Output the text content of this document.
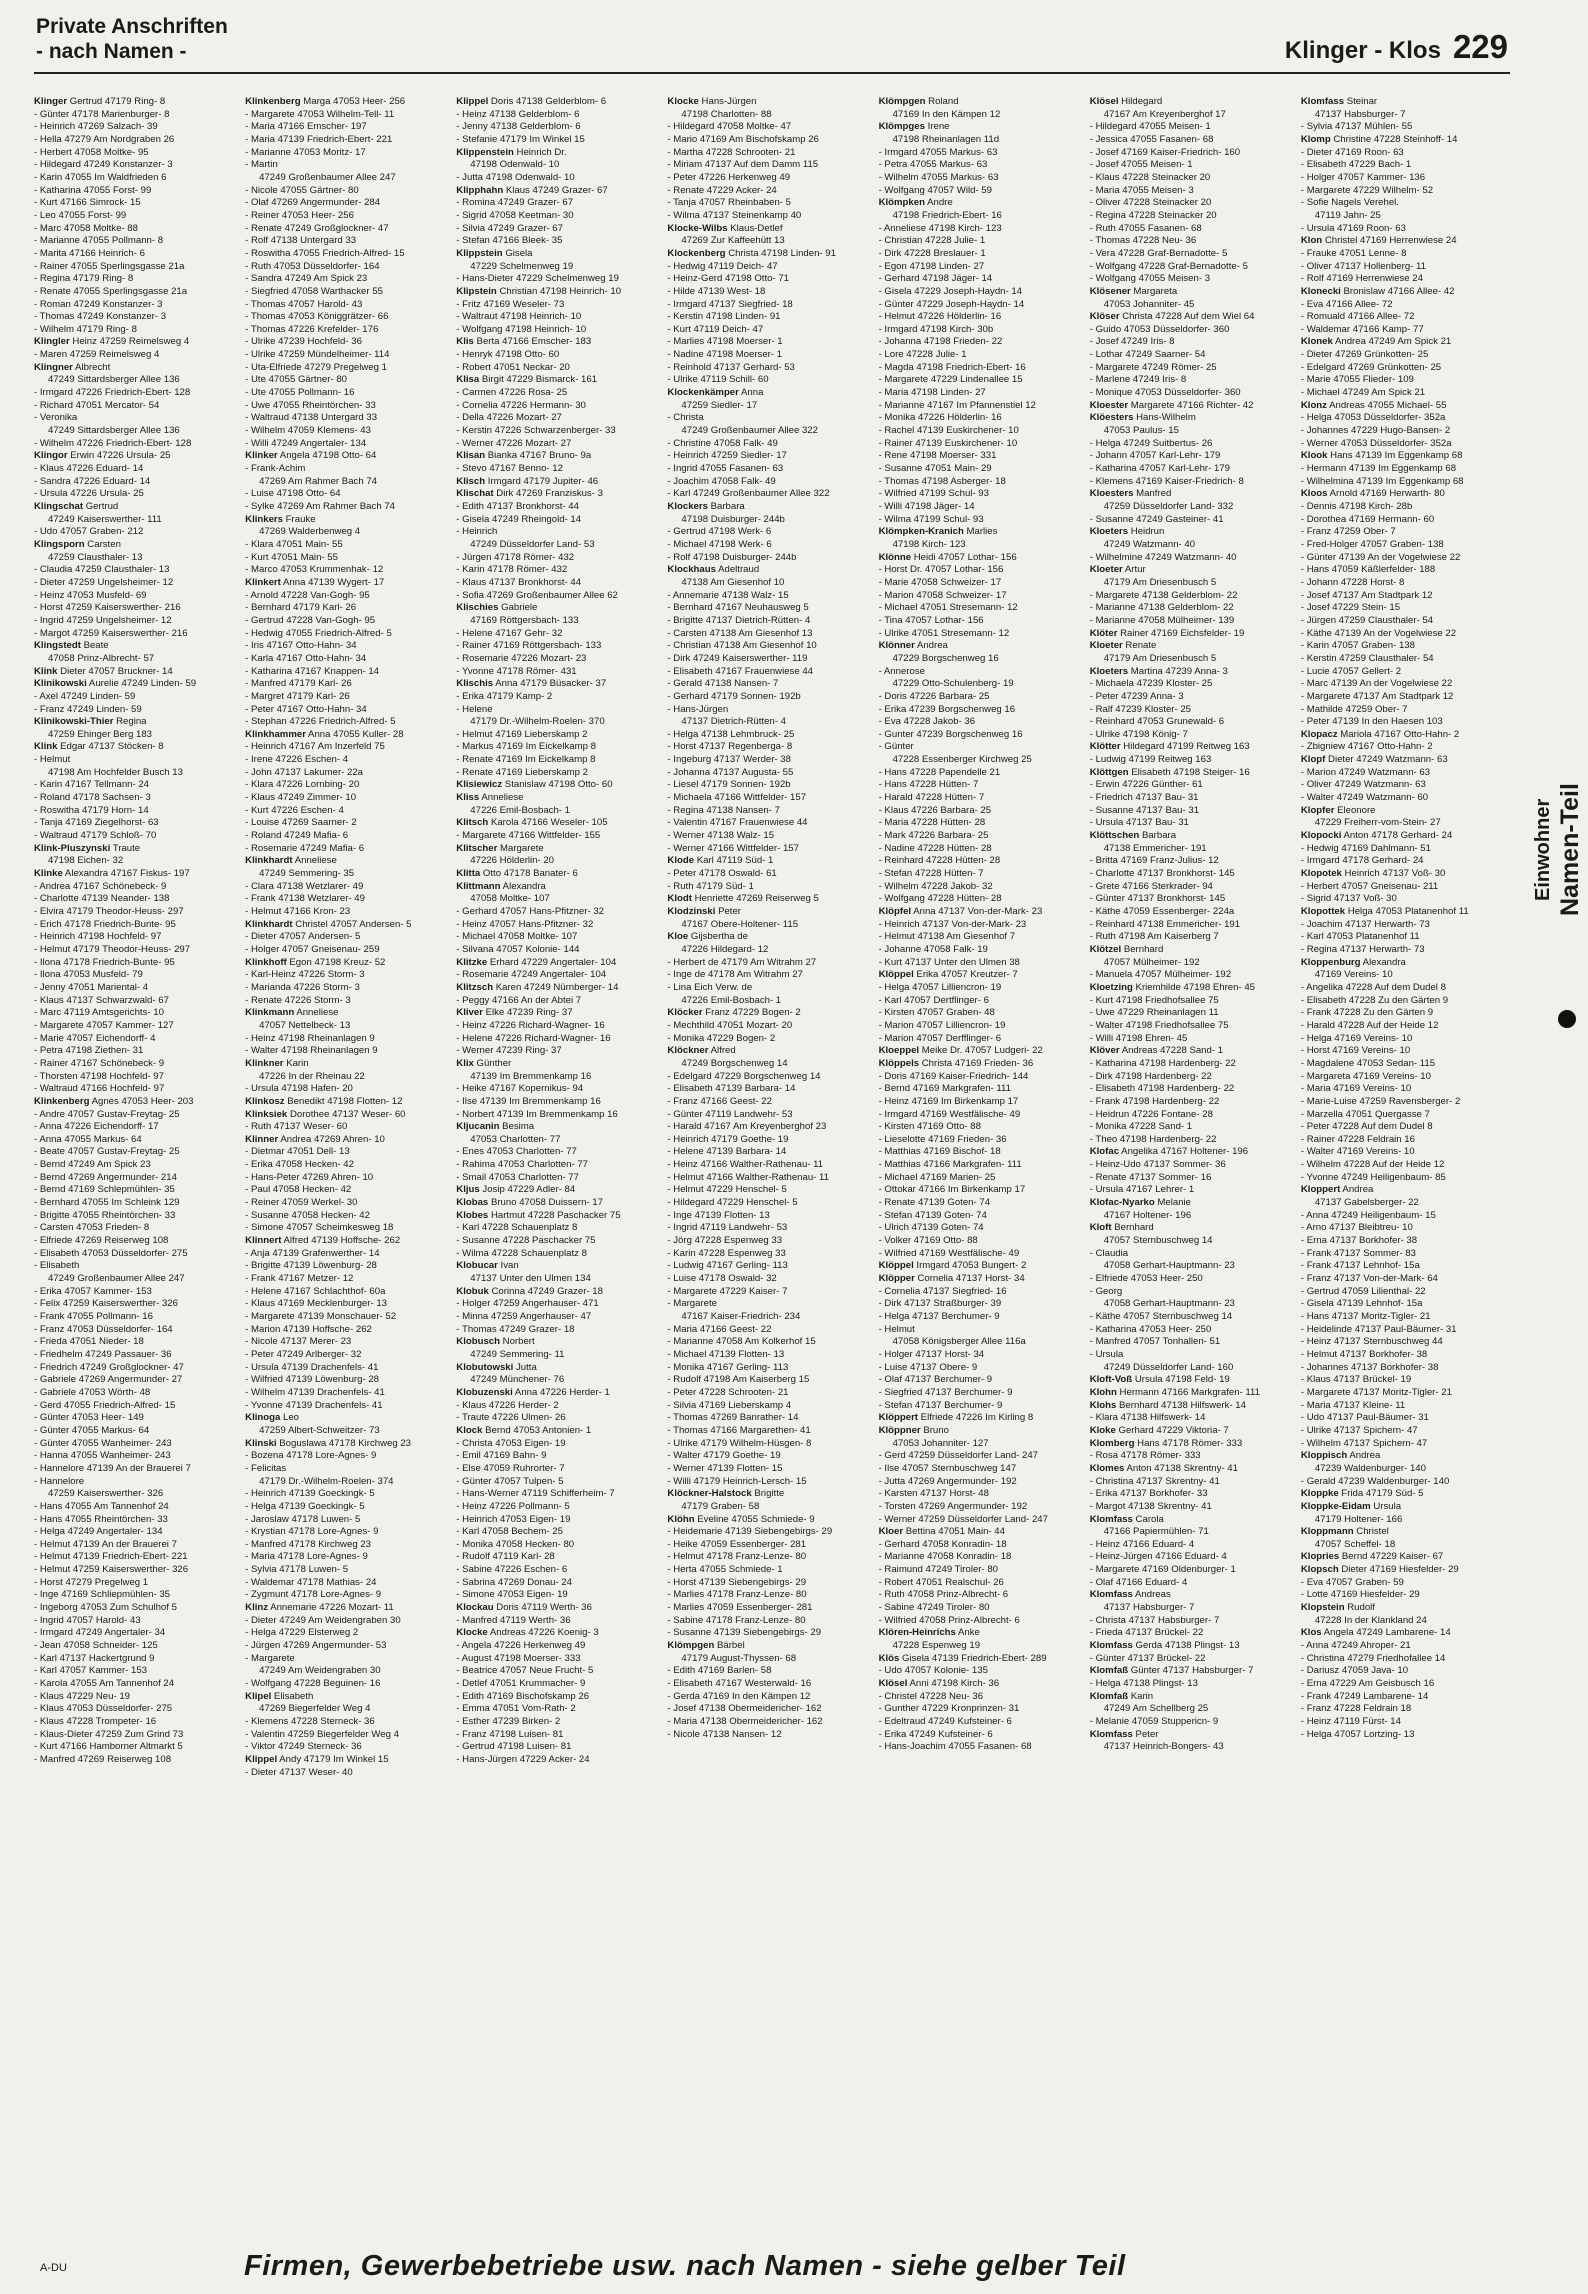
Private Anschriften
- nach Namen -	Klinger - Klos 229
Klinger Gertrud 47179 Ring- 8
- Günter 47178 Marienburger- 8
- Heinrich 47269 Salzach- 39
- Hella 47279 Am Nordgraben 26
- Herbert 47058 Moltke- 95
- Hildegard 47249 Konstanzer- 3
- Karin 47055 Im Waldfrieden 6
- Katharina 47055 Forst- 99
- Kurt 47166 Simrock- 15
- Leo 47055 Forst- 99
- Marc 47058 Moltke- 88
- Marianne 47055 Pollmann- 8
- Marita 47166 Heinrich- 6
- Rainer 47055 Sperlingsgasse 21a
- Regina 47179 Ring- 8
- Renate 47055 Sperlingsgasse 21a
- Roman 47249 Konstanzer- 3
- Thomas 47249 Konstanzer- 3
- Wilhelm 47179 Ring- 8
Klingler Heinz 47259 Reimelsweg 4
- Maren 47259 Reimelsweg 4
Klingner Albrecht
47249 Sittardsberger Allee 136
- Irmgard 47226 Friedrich-Ebert- 128
- Richard 47051 Mercator- 54
- Veronika
47249 Sittardsberger Allee 136
- Wilhelm 47226 Friedrich-Ebert- 128
Klingor Erwin 47226 Ursula- 25
- Klaus 47226 Eduard- 14
- Sandra 47226 Eduard- 14
- Ursula 47226 Ursula- 25
Klingschat Gertrud
47249 Kaiserswerther- 111
- Udo 47057 Graben- 212
Klingsporn Carsten
47259 Clausthaler- 13
- Claudia 47259 Clausthaler- 13
- Dieter 47259 Ungelsheimer- 12
- Heinz 47053 Musfeld- 69
- Horst 47259 Kaiserswerther- 216
- Ingrid 47259 Ungelsheimer- 12
- Margot 47259 Kaiserswerther- 216
Klingstedt Beate
47058 Prinz-Albrecht- 57
Klink Dieter 47057 Bruckner- 14
Klinikowski Aurelie 47249 Linden- 59
- Axel 47249 Linden- 59
- Franz 47249 Linden- 59
Klinikowski-Thier Regina
47259 Ehinger Berg 183
Klink Edgar 47137 Stöcken- 8
- Helmut
47198 Am Hochfelder Busch 13
- Karin 47167 Tellmann- 24
- Roland 47178 Sachsen- 3
- Roswitha 47179 Horn- 14
- Tanja 47169 Ziegelhorst- 63
- Waltraud 47179 Schloß- 70
Klink-Pluszynski Traute
47198 Eichen- 32
Klinke Alexandra 47167 Fiskus- 197
- Andrea 47167 Schönebeck- 9
- Charlotte 47139 Neander- 138
- Elvira 47179 Theodor-Heuss- 297
- Erich 47178 Friedrich-Bunte- 95
- Heinrich 47198 Hochfeld- 97
- Helmut 47179 Theodor-Heuss- 297
- Ilona 47178 Friedrich-Bunte- 95
- Ilona 47053 Musfeld- 79
- Jenny 47051 Mariental- 4
- Klaus 47137 Schwarzwald- 67
- Marc 47119 Amtsgerichts- 10
- Margarete 47057 Kammer- 127
- Marie 47057 Eichendorff- 4
- Petra 47198 Ziethen- 31
- Rainer 47167 Schönebeck- 9
- Thorsten 47198 Hochfeld- 97
- Waltraud 47166 Hochfeld- 97
Klinkenberg Agnes 47053 Heer- 203
- Andre 47057 Gustav-Freytag- 25
- Anna 47226 Eichendorff- 17
- Anna 47055 Markus- 64
- Beate 47057 Gustav-Freytag- 25
- Bernd 47249 Am Spick 23
- Bernd 47269 Angermunder- 214
- Bernd 47169 Schlepmühlen- 35
- Bernhard 47055 Im Schleink 129
- Brigitte 47055 Rheintörchen- 33
- Carsten 47053 Frieden- 8
- Elfriede 47269 Reiserweg 108
- Elisabeth 47053 Düsseldorfer- 275
- Elisabeth
47249 Großenbaumer Allee 247
- Erika 47057 Kammer- 153
- Felix 47259 Kaiserswerther- 326
- Frank 47055 Pollmann- 16
- Franz 47053 Düsseldorfer- 164
- Frieda 47051 Nieder- 18
- Friedhelm 47249 Passauer- 36
- Friedrich 47249 Großglockner- 47
- Gabriele 47269 Angermunder- 27
- Gabriele 47053 Wörth- 48
- Gerd 47055 Friedrich-Alfred- 15
- Günter 47053 Heer- 149
- Günter 47055 Markus- 64
- Günter 47055 Wanheimer- 243
- Hanna 47055 Wanheimer- 243
- Hannelore 47139 An der Brauerei 7
- Hannelore
47259 Kaiserswerther- 326
- Hans 47055 Am Tannenhof 24
- Hans 47055 Rheintörchen- 33
- Helga 47249 Angertaler- 134
- Helmut 47139 An der Brauerei 7
- Helmut 47139 Friedrich-Ebert- 221
- Helmut 47259 Kaiserswerther- 326
- Horst 47279 Pregelweg 1
- Inge 47169 Schliepmühlen- 35
- Ingeborg 47053 Zum Schulhof 5
- Ingrid 47057 Harold- 43
- Irmgard 47249 Angertaler- 34
- Jean 47058 Schneider- 125
- Karl 47137 Hackertgrund 9
- Karl 47057 Kammer- 153
- Karola 47055 Am Tannenhof 24
- Klaus 47229 Neu- 19
- Klaus 47053 Düsseldorfer- 275
- Klaus 47228 Trompeter- 16
- Klaus-Dieter 47259 Zum Grind 73
- Kurt 47166 Hamborner Altmarkt 5
- Manfred 47269 Reiserweg 108
Klinkenberg Marga 47053 Heer- 256
- Margarete 47053 Wilhelm-Tell- 11
- Maria 47166 Emscher- 197
- Maria 47139 Friedrich-Ebert- 221
- Marianne 47053 Moritz- 17
- Martin
47249 Großenbaumer Allee 247
- Nicole 47055 Gärtner- 80
- Olaf 47269 Angermunder- 284
- Reiner 47053 Heer- 256
- Renate 47249 Großglockner- 47
- Rolf 47138 Untergard 33
- Roswitha 47055 Friedrich-Alfred- 15
- Ruth 47053 Düsseldorfer- 164
- Sandra 47249 Am Spick 23
- Siegfried 47058 Warthacker 55
- Thomas 47057 Harold- 43
- Thomas 47053 Königgrätzer- 66
- Thomas 47226 Krefelder- 176
- Ulrike 47239 Hochfeld- 36
- Ulrike 47259 Mündelheimer- 114
- Uta-Elfriede 47279 Pregelweg 1
- Ute 47055 Gärtner- 80
- Ute 47055 Pollmann- 16
- Uwe 47055 Rheintörchen- 33
- Waltraud 47138 Untergard 33
- Wilhelm 47059 Klemens- 43
- Willi 47249 Angertaler- 134
Klinker Angela 47198 Otto- 64
- Frank-Achim
47269 Am Rahmer Bach 74
- Luise 47198 Otto- 64
- Sylke 47269 Am Rahmer Bach 74
Klinkers Frauke
47269 Walderbenweg 4
- Klara 47051 Main- 55
- Kurt 47051 Main- 55
- Marco 47053 Krummenhak- 12
Klinkert Anna 47139 Wygert- 17
- Arnold 47228 Van-Gogh- 95
- Bernhard 47179 Karl- 26
- Gertrud 47228 Van-Gogh- 95
- Hedwig 47055 Friedrich-Alfred- 5
- Iris 47167 Otto-Hahn- 34
- Karla 47167 Otto-Hahn- 34
- Katharina 47167 Knappen- 14
- Manfred 47179 Karl- 26
- Margret 47179 Karl- 26
- Peter 47167 Otto-Hahn- 34
- Stephan 47226 Friedrich-Alfred- 5
Klinkhammer Anna 47055 Kuller- 28
- Heinrich 47167 Am Inzerfeld 75
- Irene 47226 Eschen- 4
- John 47137 Lakumer- 22a
- Klara 47226 Lornbing- 20
- Klaus 47249 Zimmer- 10
- Kurt 47226 Eschen- 4
- Louise 47269 Saarner- 2
- Roland 47249 Mafia- 6
- Rosemarie 47249 Mafia- 6
Klinkhardt Anneliese
47249 Semmering- 35
- Clara 47138 Wetzlarer- 49
- Frank 47138 Wetzlarer- 49
- Helmut 47166 Kron- 23
Klinkhardt Christel 47057 Andersen- 5
- Dieter 47057 Andersen- 5
- Holger 47057 Gneisenau- 259
Klinkhoff Egon 47198 Kreuz- 52
- Karl-Heinz 47226 Storm- 3
- Marianda 47226 Storm- 3
- Renate 47226 Storm- 3
Klinkmann Anneliese
47057 Nettelbeck- 13
- Heinz 47198 Rheinanlagen 9
- Walter 47198 Rheinanlagen 9
Klinkner Karin
47226 In der Rheinau 22
- Ursula 47198 Hafen- 20
Klinkosz Benedikt 47198 Flotten- 12
Klinksiek Dorothee 47137 Weser- 60
- Ruth 47137 Weser- 60
Klinner Andrea 47269 Ahren- 10
- Dietmar 47051 Dell- 13
- Erika 47058 Hecken- 42
- Hans-Peter 47269 Ahren- 10
- Paul 47058 Hecken- 42
- Reiner 47059 Werkel- 30
- Susanne 47058 Hecken- 42
- Simone 47057 Scheimkesweg 18
Klinnert Alfred 47139 Hoffsche- 262
- Anja 47139 Grafenwerther- 14
- Brigitte 47139 Löwenburg- 28
- Frank 47167 Metzer- 12
- Helene 47167 Schlachthof- 60a
- Klaus 47169 Mecklenburger- 13
- Margarete 47139 Monschauer- 52
- Marion 47139 Hoffsche- 262
- Nicole 47137 Merer- 23
- Peter 47249 Arlberger- 32
- Ursula 47139 Drachenfels- 41
- Wilfried 47139 Löwenburg- 28
- Wilhelm 47139 Drachenfels- 41
- Yvonne 47139 Drachenfels- 41
Klinoga Leo
47259 Albert-Schweitzer- 73
Klinski Boguslawa 47178 Kirchweg 23
- Bozena 47178 Lore-Agnes- 9
- Felicitas
47179 Dr.-Wilhelm-Roelen- 374
- Heinrich 47139 Goeckingk- 5
- Helga 47139 Goeckingk- 5
- Jaroslaw 47178 Luwen- 5
- Krystian 47178 Lore-Agnes- 9
- Manfred 47178 Kirchweg 23
- Maria 47178 Lore-Agnes- 9
- Sylvia 47178 Luwen- 5
- Waldemar 47178 Mathias- 24
- Zygmunt 47178 Lore-Agnes- 9
Klinz Annemarie 47226 Mozart- 11
- Dieter 47249 Am Weidengraben 30
- Helga 47229 Elsterweg 2
- Jürgen 47269 Angermunder- 53
- Margarete
47249 Am Weidengraben 30
- Wolfgang 47228 Beguinen- 16
Klipel Elisabeth
47269 Biegerfelder Weg 4
- Klemens 47228 Sterneck- 36
- Valentin 47259 Biegerfelder Weg 4
- Viktor 47249 Sterneck- 36
Klippel Andy 47179 Im Winkel 15
- Dieter 47137 Weser- 40
Klippel Doris 47138 Gelderblom- 6
- Heinz 47138 Gelderblom- 6
- Jenny 47138 Gelderblom- 6
- Stefanie 47179 Im Winkel 15
Klippenstein Heinrich Dr.
47198 Odenwald- 10
- Jutta 47198 Odenwald- 10
Klipphahn Klaus 47249 Grazer- 67
- Romina 47249 Grazer- 67
- Sigrid 47058 Keetman- 30
- Silvia 47249 Grazer- 67
- Stefan 47166 Bleek- 35
Klippstein Gisela
47229 Schelmenweg 19
- Hans-Dieter 47229 Schelmenweg 19
Klipstein Christian 47198 Heinrich- 10
- Fritz 47169 Weseler- 73
- Waltraut 47198 Heinrich- 10
- Wolfgang 47198 Heinrich- 10
Klis Berta 47166 Emscher- 183
- Henryk 47198 Otto- 60
- Robert 47051 Neckar- 20
Klisa Birgit 47229 Bismarck- 161
- Carmen 47226 Rosa- 25
- Cornelia 47226 Hermann- 30
- Della 47226 Mozart- 27
- Kerstin 47226 Schwarzenberger- 33
- Werner 47226 Mozart- 27
Klisan Bianka 47167 Bruno- 9a
- Stevo 47167 Benno- 12
Klisch Irmgard 47179 Jupiter- 46
Klischat Dirk 47269 Franziskus- 3
- Edith 47137 Bronkhorst- 44
- Gisela 47249 Rheingold- 14
- Heinrich
47249 Düsseldorfer Land- 53
- Jürgen 47178 Römer- 432
- Karin 47178 Römer- 432
- Klaus 47137 Bronkhorst- 44
- Sofia 47269 Großenbaumer Allee 62
Klischies Gabriele
47169 Röttgersbach- 133
- Helene 47167 Gehr- 32
- Rainer 47169 Röttgersbach- 133
- Rosemarie 47226 Mozart- 23
- Yvonne 47178 Römer- 431
Klischis Anna 47179 Büsacker- 37
- Erika 47179 Kamp- 2
- Helene
47179 Dr.-Wilhelm-Roelen- 370
- Helmut 47169 Lieberskamp 2
- Markus 47169 Im Eickelkamp 8
- Renate 47169 Im Eickelkamp 8
- Renate 47169 Lieberskamp 2
Klisiewicz Stanislaw 47198 Otto- 60
Kliss Anneliese
47226 Emil-Bosbach- 1
Klitsch Karola 47166 Weseler- 105
- Margarete 47166 Wittfelder- 155
Klitscher Margarete
47226 Hölderlin- 20
Klitta Otto 47178 Banater- 6
Klittmann Alexandra
47058 Moltke- 107
- Gerhard 47057 Hans-Pfitzner- 32
- Heinz 47057 Hans-Pfitzner- 32
- Michael 47058 Moltke- 107
- Silvana 47057 Kolonie- 144
Klitzke Erhard 47229 Angertaler- 104
- Rosemarie 47249 Angertaler- 104
Klitzsch Karen 47249 Nürnberger- 14
- Peggy 47166 An der Abtei 7
Kliver Elke 47239 Ring- 37
- Heinz 47226 Richard-Wagner- 16
- Helene 47226 Richard-Wagner- 16
- Werner 47239 Ring- 37
Klix Günther
47139 Im Bremmenkamp 16
- Heike 47167 Kopernikus- 94
- Ilse 47139 Im Bremmenkamp 16
- Norbert 47139 Im Bremmenkamp 16
Kljucanin Besima
47053 Charlotten- 77
- Enes 47053 Charlotten- 77
- Rahima 47053 Charlotten- 77
- Smail 47053 Charlotten- 77
Kljus Josip 47229 Adler- 84
Klobas Bruno 47058 Duissern- 17
Klobes Hartmut 47228 Paschacker 75
- Karl 47228 Schauenplatz 8
- Susanne 47228 Paschacker 75
- Wilma 47228 Schauenplatz 8
Klobucar Ivan
47137 Unter den Ulmen 134
Klobuk Corinna 47249 Grazer- 18
- Holger 47259 Angerhauser- 471
- Minna 47259 Angerhauser- 47
- Thomas 47249 Grazer- 18
Klobusch Norbert
47249 Semmering- 11
Klobutowski Jutta
47249 Münchener- 76
Klobuzenski Anna 47226 Herder- 1
- Klaus 47226 Herder- 2
- Traute 47226 Ulmen- 26
Klock Bernd 47053 Antonien- 1
- Christa 47053 Eigen- 19
- Emil 47169 Bahn- 9
- Else 47059 Ruhrorter- 7
- Günter 47057 Tulpen- 5
- Hans-Werner 47119 Schifferheim- 7
- Heinz 47226 Pollmann- 5
- Heinrich 47053 Eigen- 19
- Karl 47058 Bechem- 25
- Monika 47058 Hecken- 80
- Rudolf 47119 Karl- 28
- Sabine 47226 Eschen- 6
- Sabrina 47269 Donau- 24
- Simone 47053 Eigen- 19
Klockau Doris 47119 Werth- 36
- Manfred 47119 Werth- 36
Klocke Andreas 47226 Koenig- 3
- Angela 47226 Herkenweg 49
- August 47198 Moerser- 333
- Beatrice 47057 Neue Frucht- 5
- Detlef 47051 Krummacher- 9
- Edith 47169 Bischofskamp 26
- Emma 47051 Vom-Rath- 2
- Esther 47239 Birken- 2
- Franz 47198 Luisen- 81
- Gertrud 47198 Luisen- 81
- Hans-Jürgen 47229 Acker- 24
Klocke Hans-Jürgen
47198 Charlotten- 88
- Hildegard 47058 Moltke- 47
- Mario 47169 Am Bischofskamp 26
- Martha 47228 Schrooten- 21
- Miriam 47137 Auf dem Damm 115
- Peter 47226 Herkenweg 49
- Renate 47229 Acker- 24
- Tanja 47057 Rheinbaben- 5
- Wilma 47137 Steinenkamp 40
Klocke-Wilbs Klaus-Detlef
47269 Zur Kaffeehütt 13
Klockenberg Christa 47198 Linden- 91
- Hedwig 47119 Deich- 47
- Heinz-Gerd 47198 Otto- 71
- Hilde 47139 West- 18
- Irmgard 47137 Siegfried- 18
- Kerstin 47198 Linden- 91
- Kurt 47119 Deich- 47
- Marlies 47198 Moerser- 1
- Nadine 47198 Moerser- 1
- Reinhold 47137 Gerhard- 53
- Ulrike 47119 Schill- 60
Klockenkämper Anna
47259 Siedler- 17
- Christa
47249 Großenbaumer Allee 322
- Christine 47058 Falk- 49
- Heinrich 47259 Siedler- 17
- Ingrid 47055 Fasanen- 63
- Joachim 47058 Falk- 49
- Karl 47249 Großenbaumer Allee 322
Klockers Barbara
47198 Duisburger- 244b
- Gertrud 47198 Werk- 6
- Michael 47198 Werk- 6
- Rolf 47198 Duisburger- 244b
Klockhaus Adeltraud
47138 Am Giesenhof 10
- Annemarie 47138 Walz- 15
- Bernhard 47167 Neuhausweg 5
- Brigitte 47137 Dietrich-Rütten- 4
- Carsten 47138 Am Giesenhof 13
- Christian 47138 Am Giesenhof 10
- Dirk 47249 Kaiserswerther- 119
- Elisabeth 47167 Frauenwiese 44
- Gerald 47138 Nansen- 7
- Gerhard 47179 Sonnen- 192b
- Hans-Jürgen
47137 Dietrich-Rütten- 4
- Helga 47138 Lehmbruck- 25
- Horst 47137 Regenberga- 8
- Ingeburg 47137 Werder- 38
- Johanna 47137 Augusta- 55
- Liesel 47179 Sonnen- 192b
- Michaela 47166 Wittfelder- 157
- Regina 47138 Nansen- 7
- Valentin 47167 Frauenwiese 44
- Werner 47138 Walz- 15
- Werner 47166 Wittfelder- 157
Klode Karl 47119 Süd- 1
- Peter 47178 Oswald- 61
- Ruth 47179 Süd- 1
Klodt Henriette 47269 Reiserweg 5
Klodzinski Peter
47167 Obere-Holtener- 115
Kloe Gijsbertha de
47226 Hildegard- 12
- Herbert de 47179 Am Witrahm 27
- Inge de 47178 Am Witrahm 27
- Lina Eich Verw. de
47226 Emil-Bosbach- 1
Klöcker Franz 47229 Bogen- 2
- Mechthild 47051 Mozart- 20
- Monika 47229 Bogen- 2
Klöckner Alfred
47249 Borgschenweg 14
- Edelgard 47229 Borgschenweg 14
- Elisabeth 47139 Barbara- 14
- Franz 47166 Geest- 22
- Günter 47119 Landwehr- 53
- Harald 47167 Am Kreyenberghof 23
- Heinrich 47179 Goethe- 19
- Helene 47139 Barbara- 14
- Heinz 47166 Walther-Rathenau- 11
- Helmut 47166 Walther-Rathenau- 11
- Helmut 47229 Henschel- 5
- Hildegard 47229 Henschel- 5
- Inge 47139 Flotten- 13
- Ingrid 47119 Landwehr- 53
- Jörg 47228 Espenweg 33
- Karin 47228 Espenweg 33
- Ludwig 47167 Gerling- 113
- Luise 47178 Oswald- 32
- Margarete 47229 Kaiser- 7
- Margarete
47167 Kaiser-Friedrich- 234
- Maria 47166 Geest- 22
- Marianne 47058 Am Kolkerhof 15
- Michael 47139 Flotten- 13
- Monika 47167 Gerling- 113
- Rudolf 47198 Am Kaiserberg 15
- Peter 47228 Schrooten- 21
- Silvia 47169 Lieberskamp 4
- Thomas 47269 Banrather- 14
- Thomas 47166 Margarethen- 41
- Ulrike 47179 Wilhelm-Hüsgen- 8
- Walter 47179 Goethe- 19
- Werner 47139 Flotten- 15
- Willi 47179 Heinrich-Lersch- 15
Klöckner-Halstock Brigitte
47179 Graben- 58
Klöhn Eveline 47055 Schmiede- 9
- Heidemarie 47139 Siebengebirgs- 29
- Heike 47059 Essenberger- 281
- Helmut 47178 Franz-Lenze- 80
- Herta 47055 Schmiede- 1
- Horst 47139 Siebengebirgs- 29
- Marlies 47178 Franz-Lenze- 80
- Marlies 47059 Essenberger- 281
- Sabine 47178 Franz-Lenze- 80
- Susanne 47139 Siebengebirgs- 29
Klömpgen Bärbel
47179 August-Thyssen- 68
- Edith 47169 Barlen- 58
- Elisabeth 47167 Westerwald- 16
- Gerda 47169 In den Kämpen 12
- Josef 47138 Obermeidericher- 162
- Maria 47138 Obermeidericher- 162
- Nicole 47138 Nansen- 12
Klömpgen Roland
47169 In den Kämpen 12
Klömpges Irene
47198 Rheinanlagen 11d
- Irmgard 47055 Markus- 63
- Petra 47055 Markus- 63
- Wilhelm 47055 Markus- 63
- Wolfgang 47057 Wild- 59
Klömpken Andre
47198 Friedrich-Ebert- 16
- Anneliese 47198 Kirch- 123
- Christian 47228 Julie- 1
- Dirk 47228 Breslauer- 1
- Egon 47198 Linden- 27
- Gerhard 47198 Jäger- 14
- Gisela 47229 Joseph-Haydn- 14
- Günter 47229 Joseph-Haydn- 14
- Helmut 47226 Hölderlin- 16
- Irmgard 47198 Kirch- 30b
- Johanna 47198 Frieden- 22
- Lore 47228 Julie- 1
- Magda 47198 Friedrich-Ebert- 16
- Margarete 47229 Lindenallee 15
- Maria 47198 Linden- 27
- Marianne 47167 Im Pfannenstiel 12
- Monika 47226 Hölderlin- 16
- Rachel 47139 Euskirchener- 10
- Rainer 47139 Euskirchener- 10
- Rene 47198 Moerser- 331
- Susanne 47051 Main- 29
- Thomas 47198 Asberger- 18
- Wilfried 47199 Schul- 93
- Willi 47198 Jäger- 14
- Wilma 47199 Schul- 93
Klömpken-Kranich Marlies
47198 Kirch- 123
Klönne Heidi 47057 Lothar- 156
- Horst Dr. 47057 Lothar- 156
- Marie 47058 Schweizer- 17
- Marion 47058 Schweizer- 17
- Michael 47051 Stresemann- 12
- Tina 47057 Lothar- 156
- Ulrike 47051 Stresemann- 12
Klönner Andrea
47229 Borgschenweg 16
- Annerose
47229 Otto-Schulenberg- 19
- Doris 47226 Barbara- 25
- Erika 47239 Borgschenweg 16
- Eva 47228 Jakob- 36
- Gunter 47239 Borgschenweg 16
- Günter
47228 Essenberger Kirchweg 25
- Hans 47228 Papendelle 21
- Hans 47228 Hütten- 7
- Harald 47228 Hütten- 7
- Klaus 47226 Barbara- 25
- Maria 47228 Hütten- 28
- Mark 47226 Barbara- 25
- Nadine 47228 Hütten- 28
- Reinhard 47228 Hütten- 28
- Stefan 47228 Hütten- 7
- Wilhelm 47228 Jakob- 32
- Wolfgang 47228 Hütten- 28
Klöpfel Anna 47137 Von-der-Mark- 23
- Heinrich 47137 Von-der-Mark- 23
- Helmut 47138 Am Giesenhof 7
- Johanne 47058 Falk- 19
- Kurt 47137 Unter den Ulmen 38
Klöppel Erika 47057 Kreutzer- 7
- Helga 47057 Lilliencron- 19
- Karl 47057 Dertflinger- 6
- Kirsten 47057 Graben- 48
- Marion 47057 Lilliencron- 19
- Marion 47057 Derfflinger- 6
Kloeppel Meike Dr. 47057 Ludgeri- 22
Klöppels Christa 47169 Frieden- 36
- Doris 47169 Kaiser-Friedrich- 144
- Bernd 47169 Markgrafen- 111
- Heinz 47169 Im Birkenkamp 17
- Irmgard 47169 Westfälische- 49
- Kirsten 47169 Otto- 88
- Lieselotte 47169 Frieden- 36
- Matthias 47169 Bischof- 18
- Matthias 47166 Markgrafen- 111
- Michael 47169 Marien- 25
- Ottokar 47166 Im Birkenkamp 17
- Renate 47139 Goten- 74
- Stefan 47139 Goten- 74
- Ulrich 47139 Goten- 74
- Volker 47169 Otto- 88
- Wilfried 47169 Westfälische- 49
Klöppel Irmgard 47053 Bungert- 2
Klöpper Cornelia 47137 Horst- 34
- Cornelia 47137 Siegfried- 16
- Dirk 47137 Straßburger- 39
- Helga 47137 Berchumer- 9
- Helmut
47058 Königsberger Allee 116a
- Holger 47137 Horst- 34
- Luise 47137 Obere- 9
- Olaf 47137 Berchumer- 9
- Siegfried 47137 Berchumer- 9
- Stefan 47137 Berchumer- 9
Klöppert Elfriede 47226 Im Kirling 8
Klöppner Bruno
47053 Johanniter- 127
- Gerd 47259 Düsseldorfer Land- 247
- Ilse 47057 Sternbuschweg 147
- Jutta 47269 Angermunder- 192
- Karsten 47137 Horst- 48
- Torsten 47269 Angermunder- 192
- Werner 47259 Düsseldorfer Land- 247
Kloer Bettina 47051 Main- 44
- Gerhard 47058 Konradin- 18
- Marianne 47058 Konradin- 18
- Raimund 47249 Tiroler- 80
- Robert 47051 Realschul- 26
- Ruth 47058 Prinz-Albrecht- 6
- Sabine 47249 Tiroler- 80
- Wilfried 47058 Prinz-Albrecht- 6
Klören-Heinrichs Anke
47228 Espenweg 19
Klös Gisela 47139 Friedrich-Ebert- 289
- Udo 47057 Kolonie- 135
Klösel Anni 47198 Kirch- 36
- Christel 47228 Neu- 36
- Gunther 47229 Kronprinzen- 31
- Edeltraud 47249 Kufsteiner- 6
- Erika 47249 Kufsteiner- 6
- Hans-Joachim 47055 Fasanen- 68
Klösel Hildegard
47167 Am Kreyenberghof 17
- Hildegard 47055 Meisen- 1
- Jessica 47055 Fasanen- 68
- Josef 47169 Kaiser-Friedrich- 160
- Josef 47055 Meisen- 1
- Klaus 47228 Steinacker 20
- Maria 47055 Meisen- 3
- Oliver 47228 Steinacker 20
- Regina 47228 Steinacker 20
- Ruth 47055 Fasanen- 68
- Thomas 47228 Neu- 36
- Vera 47228 Graf-Bernadotte- 5
- Wolfgang 47228 Graf-Bernadotte- 5
- Wolfgang 47055 Meisen- 3
Klösener Margareta
47053 Johanniter- 45
Klöser Christa 47228 Auf dem Wiel 64
- Guido 47053 Düsseldorfer- 360
- Josef 47249 Iris- 8
- Lothar 47249 Saarner- 54
- Margarete 47249 Römer- 25
- Marlene 47249 Iris- 8
- Monique 47053 Düsseldorfer- 360
Kloester Margarete 47166 Richter- 42
Klöesters Hans-Wilhelm
47053 Paulus- 15
- Helga 47249 Suitbertus- 26
- Johann 47057 Karl-Lehr- 179
- Katharina 47057 Karl-Lehr- 179
- Klemens 47169 Kaiser-Friedrich- 8
Kloesters Manfred
47259 Düsseldorfer Land- 332
- Susanne 47249 Gasteiner- 41
Kloeters Heidrun
47249 Watzmann- 40
- Wilhelmine 47249 Watzmann- 40
Kloeter Artur
47179 Am Driesenbusch 5
- Margarete 47138 Gelderblom- 22
- Marianne 47138 Gelderblom- 22
- Marianne 47058 Mülheimer- 139
Klöter Rainer 47169 Eichsfelder- 19
Kloeter Renate
47179 Am Driesenbusch 5
Kloeters Martina 47239 Anna- 3
- Michaela 47239 Kloster- 25
- Peter 47239 Anna- 3
- Ralf 47239 Kloster- 25
- Reinhard 47053 Grunewald- 6
- Ulrike 47198 König- 7
Klötter Hildegard 47199 Reitweg 163
- Ludwig 47199 Reitweg 163
Klöttgen Elisabeth 47198 Steiger- 16
- Erwin 47226 Günther- 61
- Friedrich 47137 Bau- 31
- Susanne 47137 Bau- 31
- Ursula 47137 Bau- 31
Klöttschen Barbara
47138 Emmericher- 191
- Britta 47169 Franz-Julius- 12
- Charlotte 47137 Bronkhorst- 145
- Grete 47166 Sterkrader- 94
- Günter 47137 Bronkhorst- 145
- Käthe 47059 Essenberger- 224a
- Reinhard 47138 Emmericher- 191
- Ruth 47198 Am Kaiserberg 7
Klötzel Bernhard
47057 Mülheimer- 192
- Manuela 47057 Mülheimer- 192
Kloetzing Kriemhilde 47198 Ehren- 45
- Kurt 47198 Friedhofsallee 75
- Uwe 47229 Rheinanlagen 11
- Walter 47198 Friedhofsallee 75
- Willi 47198 Ehren- 45
Klöver Andreas 47228 Sand- 1
- Katharina 47198 Hardenberg- 22
- Dirk 47198 Hardenberg- 22
- Elisabeth 47198 Hardenberg- 22
- Frank 47198 Hardenberg- 22
- Heidrun 47226 Fontane- 28
- Monika 47228 Sand- 1
- Theo 47198 Hardenberg- 22
Klofac Angelika 47167 Holtener- 196
- Heinz-Udo 47137 Sommer- 36
- Renate 47137 Sommer- 16
- Ursula 47167 Lehrer- 1
Klofac-Nyarko Melanie
47167 Holtener- 196
Kloft Bernhard
47057 Sternbuschweg 14
- Claudia
47058 Gerhart-Hauptmann- 23
- Elfriede 47053 Heer- 250
- Georg
47058 Gerhart-Hauptmann- 23
- Käthe 47057 Sternbuschweg 14
- Katharina 47053 Heer- 250
- Manfred 47057 Tonhallen- 51
- Ursula
47249 Düsseldorfer Land- 160
Kloft-Voß Ursula 47198 Feld- 19
Klohn Hermann 47166 Markgrafen- 111
Klohs Bernhard 47138 Hilfswerk- 14
- Klara 47138 Hilfswerk- 14
Kloke Gerhard 47229 Viktoria- 7
Klomberg Hans 47178 Römer- 333
- Rosa 47178 Römer- 333
Klomes Anton 47138 Skrentny- 41
- Christina 47137 Skrentny- 41
- Erika 47137 Borkhofer- 33
- Margot 47138 Skrentny- 41
Klomfass Carola
47166 Papiermühlen- 71
- Heinz 47166 Eduard- 4
- Heinz-Jürgen 47166 Eduard- 4
- Margarete 47169 Oldenburger- 1
- Olaf 47166 Eduard- 4
Klomfass Andreas
47137 Habsburger- 7
- Christa 47137 Habsburger- 7
- Frieda 47137 Brückel- 22
Klomfass Gerda 47138 Plingst- 13
- Günter 47137 Brückel- 22
Klomfaß Günter 47137 Habsburger- 7
- Helga 47138 Plingst- 13
Klomfaß Karin
47249 Am Schellberg 25
- Melanie 47059 Stuppericn- 9
Klomfass Peter
47137 Heinrich-Bongers- 43
Klomfass Steinar
47137 Habsburger- 7
- Sylvia 47137 Mühlen- 55
Klomp Christine 47228 Steinhoff- 14
- Dieter 47169 Roon- 63
- Elisabeth 47229 Bach- 1
- Holger 47057 Kammer- 136
- Margarete 47229 Wilhelm- 52
- Sofie Nagels Verehel.
47119 Jahn- 25
- Ursula 47169 Roon- 63
Klon Christel 47169 Herrenwiese 24
- Frauke 47051 Lenne- 8
- Oliver 47137 Hollenberg- 11
- Rolf 47169 Herrenwiese 24
Klonecki Bronislaw 47166 Allee- 42
- Eva 47166 Allee- 72
- Romuald 47166 Allee- 72
- Waldemar 47166 Kamp- 77
Klonek Andrea 47249 Am Spick 21
- Dieter 47269 Grünkotten- 25
- Edelgard 47269 Grünkotten- 25
- Marie 47055 Flieder- 109
- Michael 47249 Am Spick 21
Klonz Andreas 47055 Michael- 55
- Helga 47053 Düsseldorfer- 352a
- Johannes 47229 Hugo-Bansen- 2
- Werner 47053 Düsseldorfer- 352a
Klook Hans 47139 Im Eggenkamp 68
- Hermann 47139 Im Eggenkamp 68
- Wilhelmina 47139 Im Eggenkamp 68
Kloos Arnold 47169 Herwarth- 80
- Dennis 47198 Kirch- 28b
- Dorothea 47169 Hermann- 60
- Franz 47259 Ober- 7
- Fred-Holger 47057 Graben- 138
- Günter 47139 An der Vogelwiese 22
- Hans 47059 Käßlerfelder- 188
- Johann 47228 Horst- 8
- Josef 47137 Am Stadtpark 12
- Josef 47229 Stein- 15
- Jürgen 47259 Clausthaler- 54
- Käthe 47139 An der Vogelwiese 22
- Karin 47057 Graben- 138
- Kerstin 47259 Clausthaler- 54
- Lucie 47057 Gellert- 2
- Marc 47139 An der Vogelwiese 22
- Margarete 47137 Am Stadtpark 12
- Mathilde 47259 Ober- 7
- Peter 47139 In den Haesen 103
Klopacz Mariola 47167 Otto-Hahn- 2
- Zbigniew 47167 Otto-Hahn- 2
Klopf Dieter 47249 Watzmann- 63
- Marion 47249 Watzmann- 63
- Oliver 47249 Watzmann- 63
- Walter 47249 Watzmann- 60
Klopfer Eleonore
47229 Freiherr-vom-Stein- 27
Klopocki Anton 47178 Gerhard- 24
- Hedwig 47169 Dahlmann- 51
- Irmgard 47178 Gerhard- 24
Klopotek Heinrich 47137 Voß- 30
- Herbert 47057 Gneisenau- 211
- Sigrid 47137 Voß- 30
Klopottek Helga 47053 Platanenhof 11
- Joachim 47137 Herwarth- 73
- Karl 47053 Platanenhof 11
- Regina 47137 Herwarth- 73
Kloppenburg Alexandra
47169 Vereins- 10
- Angelika 47228 Auf dem Dudel 8
- Elisabeth 47228 Zu den Gärten 9
- Frank 47228 Zu den Gärten 9
- Harald 47228 Auf der Heide 12
- Helga 47169 Vereins- 10
- Horst 47169 Vereins- 10
- Magdalene 47053 Sedan- 115
- Margareta 47169 Vereins- 10
- Maria 47169 Vereins- 10
- Marie-Luise 47259 Ravensberger- 2
- Marzella 47051 Quergasse 7
- Peter 47228 Auf dem Dudel 8
- Rainer 47228 Feldrain 16
- Walter 47169 Vereins- 10
- Wilhelm 47228 Auf der Heide 12
- Yvonne 47249 Heiligenbaum- 85
Kloppert Andrea
47137 Gabelsberger- 22
- Anna 47249 Heiligenbaum- 15
- Arno 47137 Bleibtreu- 10
- Erna 47137 Borkhofer- 38
- Frank 47137 Sommer- 83
- Frank 47137 Lehnhof- 15a
- Franz 47137 Von-der-Mark- 64
- Gertrud 47059 Lilienthal- 22
- Gisela 47139 Lehnhof- 15a
- Hans 47137 Moritz-Tigler- 21
- Heidelinde 47137 Paul-Bäumer- 31
- Heinz 47137 Sternbuschweg 44
- Helmut 47137 Borkhofer- 38
- Johannes 47137 Borkhofer- 38
- Klaus 47137 Brückel- 19
- Margarete 47137 Moritz-Tigler- 21
- Maria 47137 Kleine- 11
- Udo 47137 Paul-Bäumer- 31
- Ulrike 47137 Spichern- 47
- Wilhelm 47137 Spichern- 47
Kloppisch Andrea
47239 Waldenburger- 140
- Gerald 47239 Waldenburger- 140
Kloppke Frida 47179 Süd- 5
Kloppke-Eidam Ursula
47179 Holtener- 166
Kloppmann Christel
47057 Scheffel- 18
Klopries Bernd 47229 Kaiser- 67
Klopsch Dieter 47169 Hiesfelder- 29
- Eva 47057 Graben- 59
- Lotte 47169 Hiesfelder- 29
Klopstein Rudolf
47228 In der Klankland 24
Klos Angela 47249 Lambarene- 14
- Anna 47249 Ahroper- 21
- Christina 47279 Friedhofallee 14
- Dariusz 47059 Java- 10
- Erna 47229 Am Geisbusch 16
- Frank 47249 Lambarene- 14
- Franz 47228 Feldrain 18
- Heinz 47119 Fürst- 14
- Helga 47057 Lortzing- 13
Einwohner Namen-Teil
A-DU	Firmen, Gewerbebetriebe usw. nach Namen - siehe gelber Teil
